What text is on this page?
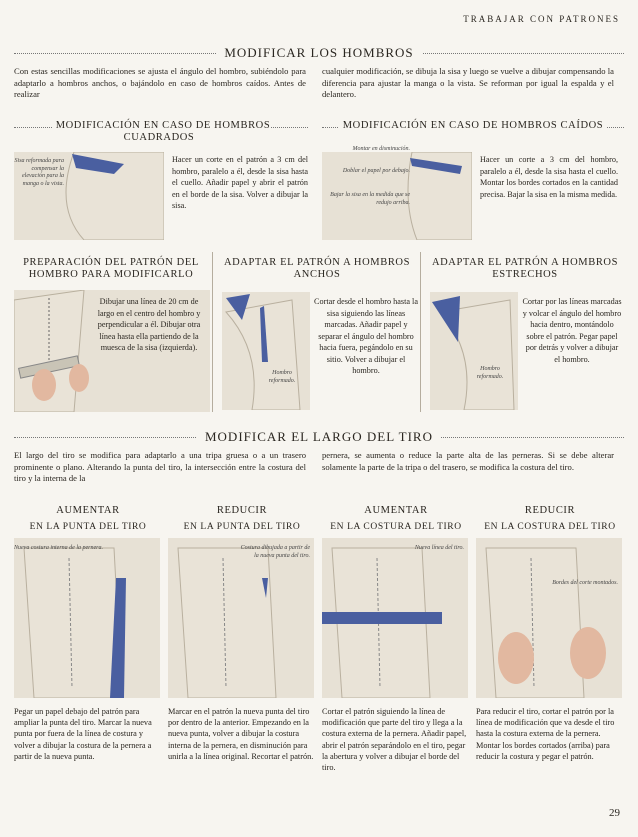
TRABAJAR CON PATRONES
MODIFICAR LOS HOMBROS
Con estas sencillas modificaciones se ajusta el ángulo del hombro, subiéndolo para adaptarlo a hombros anchos, o bajándolo en caso de hombros caídos. Antes de realizar
cualquier modificación, se dibuja la sisa y luego se vuelve a dibujar compensando la diferencia para ajustar la manga o la vista. Se reforman por igual la espalda y el delantero.
MODIFICACIÓN EN CASO DE HOMBROS CUADRADOS
Sisa reformada para compensar la elevación para la manga o la vista.
Hacer un corte en el patrón a 3 cm del hombro, paralelo a él, desde la sisa hasta el cuello. Añadir papel y abrir el patrón en el borde de la sisa. Volver a dibujar la sisa.
MODIFICACIÓN EN CASO DE HOMBROS CAÍDOS
Montar en disminución.
Doblar el papel por debajo.
Bajar la sisa en la medida que se redujo arriba.
Hacer un corte a 3 cm del hombro, paralelo a él, desde la sisa hasta el cuello. Montar los bordes cortados en la cantidad precisa. Bajar la sisa en la misma medida.
PREPARACIÓN DEL PATRÓN DEL HOMBRO PARA MODIFICARLO
Dibujar una línea de 20 cm de largo en el centro del hombro y perpendicular a él. Dibujar otra línea hasta ella partiendo de la muesca de la sisa (izquierda).
ADAPTAR EL PATRÓN A HOMBROS ANCHOS
Hombro reformado.
Cortar desde el hombro hasta la sisa siguiendo las líneas marcadas. Añadir papel y separar el ángulo del hombro hacia fuera, pegándolo en su sitio. Volver a dibujar el hombro.
ADAPTAR EL PATRÓN A HOMBROS ESTRECHOS
Hombro reformado.
Cortar por las líneas marcadas y volcar el ángulo del hombro hacia dentro, montándolo sobre el patrón. Pegar papel por detrás y volver a dibujar el hombro.
MODIFICAR EL LARGO DEL TIRO
El largo del tiro se modifica para adaptarlo a una tripa gruesa o a un trasero prominente o plano. Alterando la punta del tiro, la intersección entre la costura del tiro y la interna de la
pernera, se aumenta o reduce la parte alta de las perneras. Si se debe alterar solamente la parte de la tripa o del trasero, se modifica la costura del tiro.
AUMENTAR
EN LA PUNTA DEL TIRO
Nueva costura interna de la pernera.
Pegar un papel debajo del patrón para ampliar la punta del tiro. Marcar la nueva punta por fuera de la línea de costura y volver a dibujar la costura de la pernera a partir de la nueva punta.
REDUCIR
EN LA PUNTA DEL TIRO
Costura dibujada a partir de la nueva punta del tiro.
Marcar en el patrón la nueva punta del tiro por dentro de la anterior. Empezando en la nueva punta, volver a dibujar la costura interna de la pernera, en disminución para unirla a la línea original. Recortar el patrón.
AUMENTAR
EN LA COSTURA DEL TIRO
Nueva línea del tiro.
Cortar el patrón siguiendo la línea de modificación que parte del tiro y llega a la costura externa de la pernera. Añadir papel, abrir el patrón separándolo en el tiro, pegar la abertura y volver a dibujar el borde del tiro.
REDUCIR
EN LA COSTURA DEL TIRO
Bordes del corte montados.
Para reducir el tiro, cortar el patrón por la línea de modificación que va desde el tiro hasta la costura externa de la pernera. Montar los bordes cortados (arriba) para reducir la costura y pegar el patrón.
29
